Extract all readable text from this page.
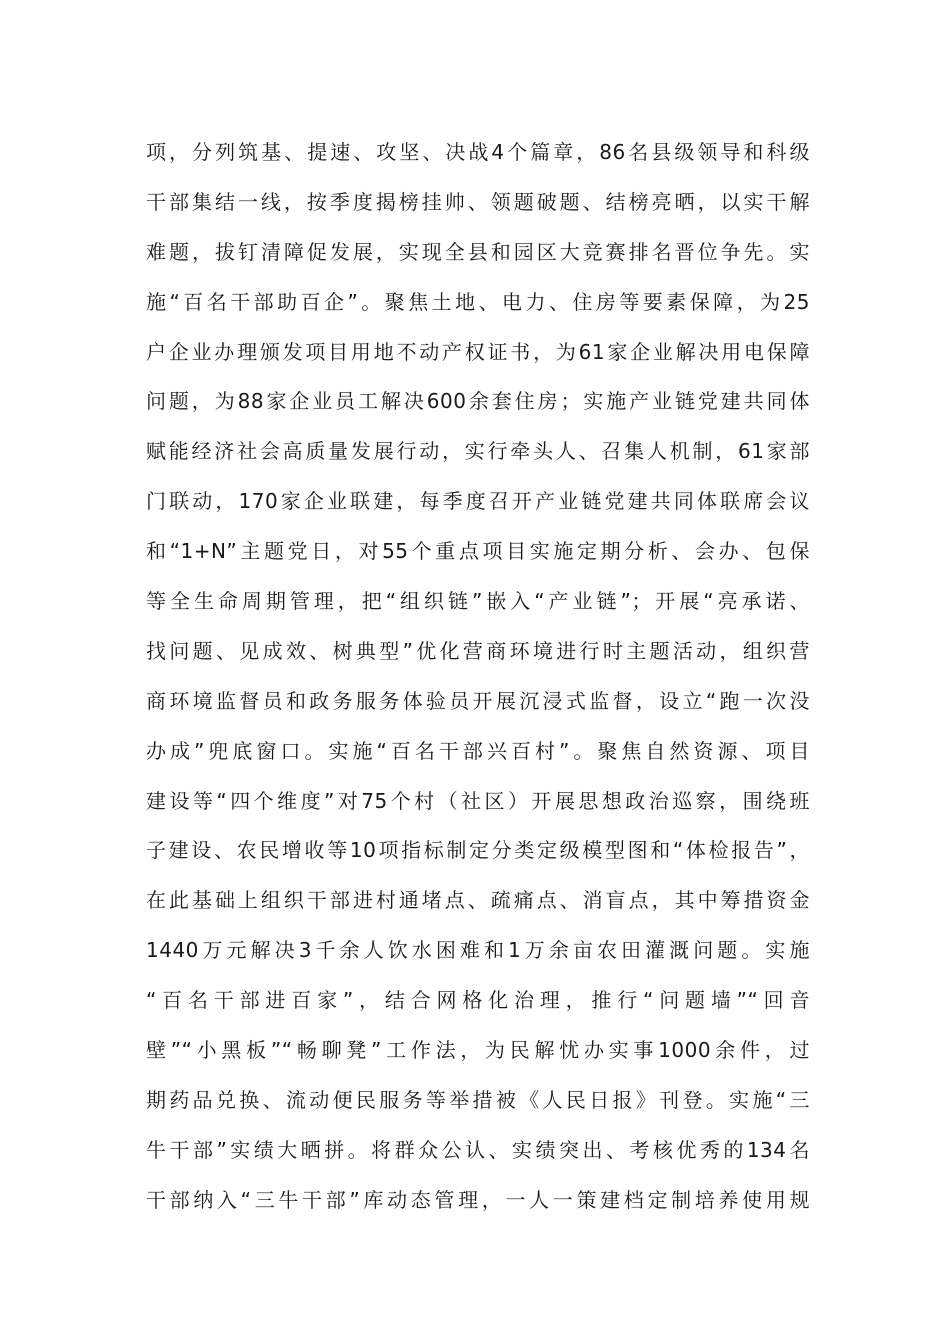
项，分列筑基、提速、攻坚、决战4个篇章，86名县级领导和科级
干部集结一线，按季度揭榜挂帅、领题破题、结榜亮晒，以实干解
难题，拔钉清障促发展，实现全县和园区大竞赛排名晋位争先。实
施“百名干部助百企”。聚焦土地、电力、住房等要素保障，为25
户企业办理颁发项目用地不动产权证书，为61家企业解决用电保障
问题，为88家企业员工解决600余套住房；实施产业链党建共同体
赋能经济社会高质量发展行动，实行牵头人、召集人机制，61家部
门联动，170家企业联建，每季度召开产业链党建共同体联席会议
和“1+N”主题党日，对55个重点项目实施定期分析、会办、包保
等全生命周期管理，把“组织链”嵌入“产业链”；开展“亮承诺、
找问题、见成效、树典型”优化营商环境进行时主题活动，组织营
商环境监督员和政务服务体验员开展沉浸式监督，设立“跑一次没
办成”兜底窗口。实施“百名干部兴百村”。聚焦自然资源、项目
建设等“四个维度”对75个村（社区）开展思想政治巡察，围绕班
子建设、农民增收等10项指标制定分类定级模型图和“体检报告”，
在此基础上组织干部进村通堵点、疏痛点、消盲点，其中筹措资金
1440万元解决3千余人饮水困难和1万余亩农田灌溉问题。实施
“百名干部进百家”，结合网格化治理，推行“问题墙”“回音
壁”“小黑板”“畅聊凳”工作法，为民解忧办实事1000余件，过
期药品兑换、流动便民服务等举措被《人民日报》刊登。实施“三
牛干部”实绩大晒拼。将群众公认、实绩突出、考核优秀的134名
干部纳入“三牛干部”库动态管理，一人一策建档定制培养使用规
